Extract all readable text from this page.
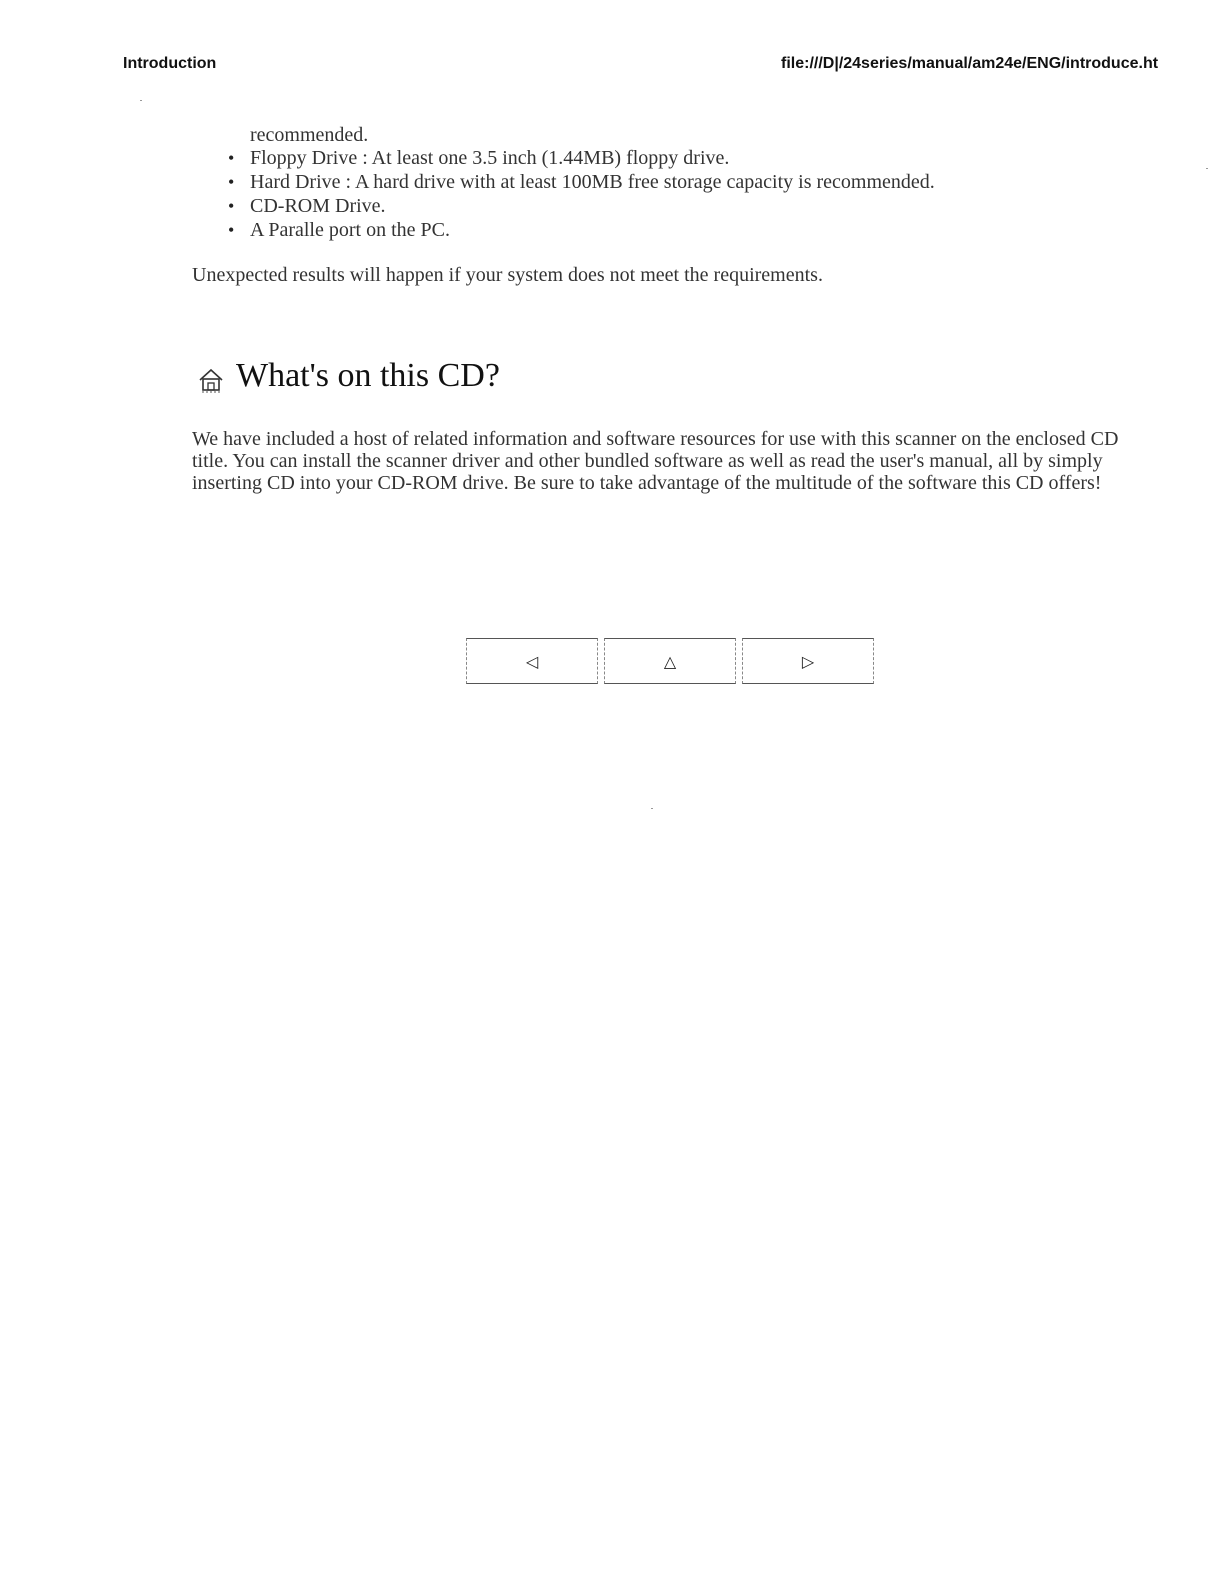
Introduction	file:///D|/24series/manual/am24e/ENG/introduce.ht

recommended.

• Floppy Drive : At least one 3.5 inch (1.44MB) floppy drive.
• Hard Drive : A hard drive with at least 100MB free storage capacity is recommended.
• CD-ROM Drive.
• A Paralle port on the PC.

Unexpected results will happen if your system does not meet the requirements.

What's on this CD?

We have included a host of related information and software resources for use with this scanner on the enclosed CD title. You can install the scanner driver and other bundled software as well as read the user's manual, all by simply inserting CD into your CD-ROM drive. Be sure to take advantage of the multitude of the software this CD offers!

◁	△	▷
